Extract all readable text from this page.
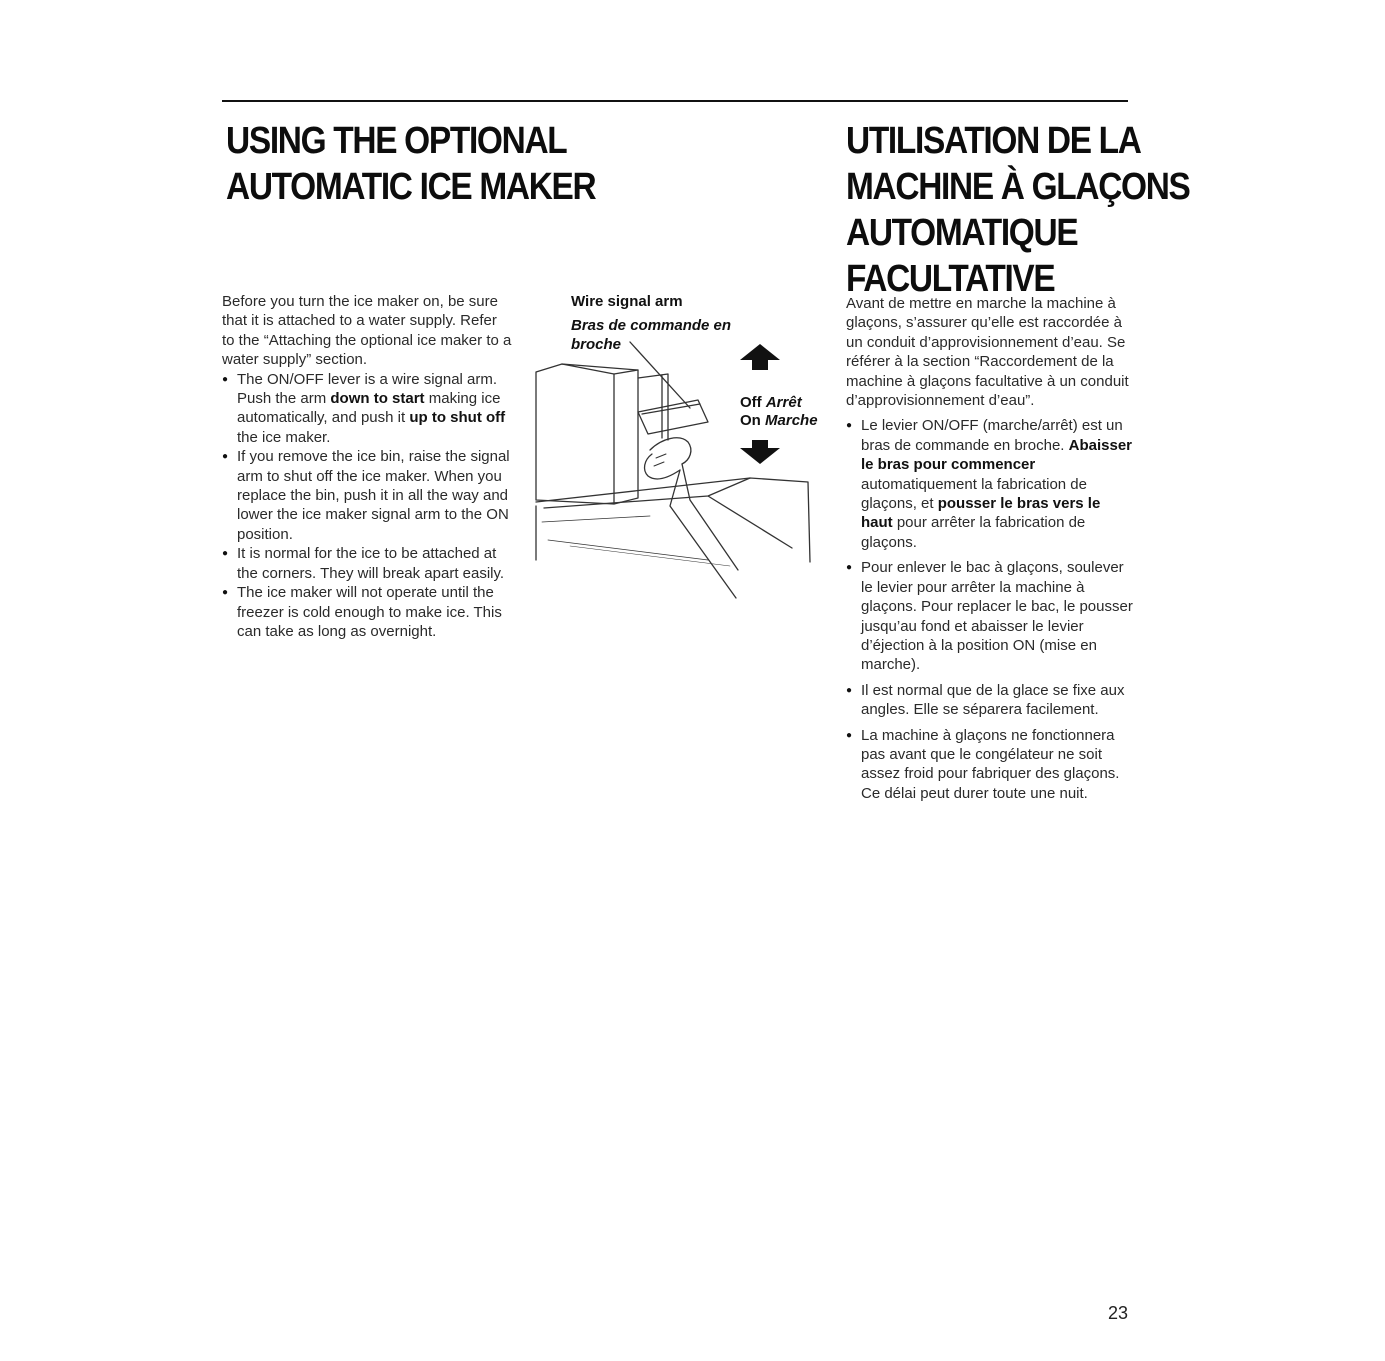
USING THE OPTIONAL
AUTOMATIC ICE MAKER
UTILISATION DE LA
MACHINE À GLAÇONS
AUTOMATIQUE
FACULTATIVE

Before you turn the ice maker on, be sure that it is attached to a water supply. Refer to the “Attaching the optional ice maker to a water supply” section.

● The ON/OFF lever is a wire signal arm. Push the arm down to start making ice automatically, and push it up to shut off the ice maker.
● If you remove the ice bin, raise the signal arm to shut off the ice maker. When you replace the bin, push it in all the way and lower the ice maker signal arm to the ON position.
● It is normal for the ice to be attached at the corners. They will break apart easily.
● The ice maker will not operate until the freezer is cold enough to make ice. This can take as long as overnight.
Wire signal arm
Bras de commande en broche
Off Arrêt
On Marche

Avant de mettre en marche la machine à glaçons, s’assurer qu’elle est raccordée à un conduit d’approvisionnement d’eau. Se référer à la section “Raccordement de la machine à glaçons facultative à un conduit d’approvisionnement d’eau”.

● Le levier ON/OFF (marche/arrêt) est un bras de commande en broche. Abaisser le bras pour commencer automatiquement la fabrication de glaçons, et pousser le bras vers le haut pour arrêter la fabrication de glaçons.
● Pour enlever le bac à glaçons, soulever le levier pour arrêter la machine à glaçons. Pour replacer le bac, le pousser jusqu’au fond et abaisser le levier d’éjection à la position ON (mise en marche).
● Il est normal que de la glace se fixe aux angles. Elle se séparera facilement.
● La machine à glaçons ne fonctionnera pas avant que le congélateur ne soit assez froid pour fabriquer des glaçons. Ce délai peut durer toute une nuit.
23
